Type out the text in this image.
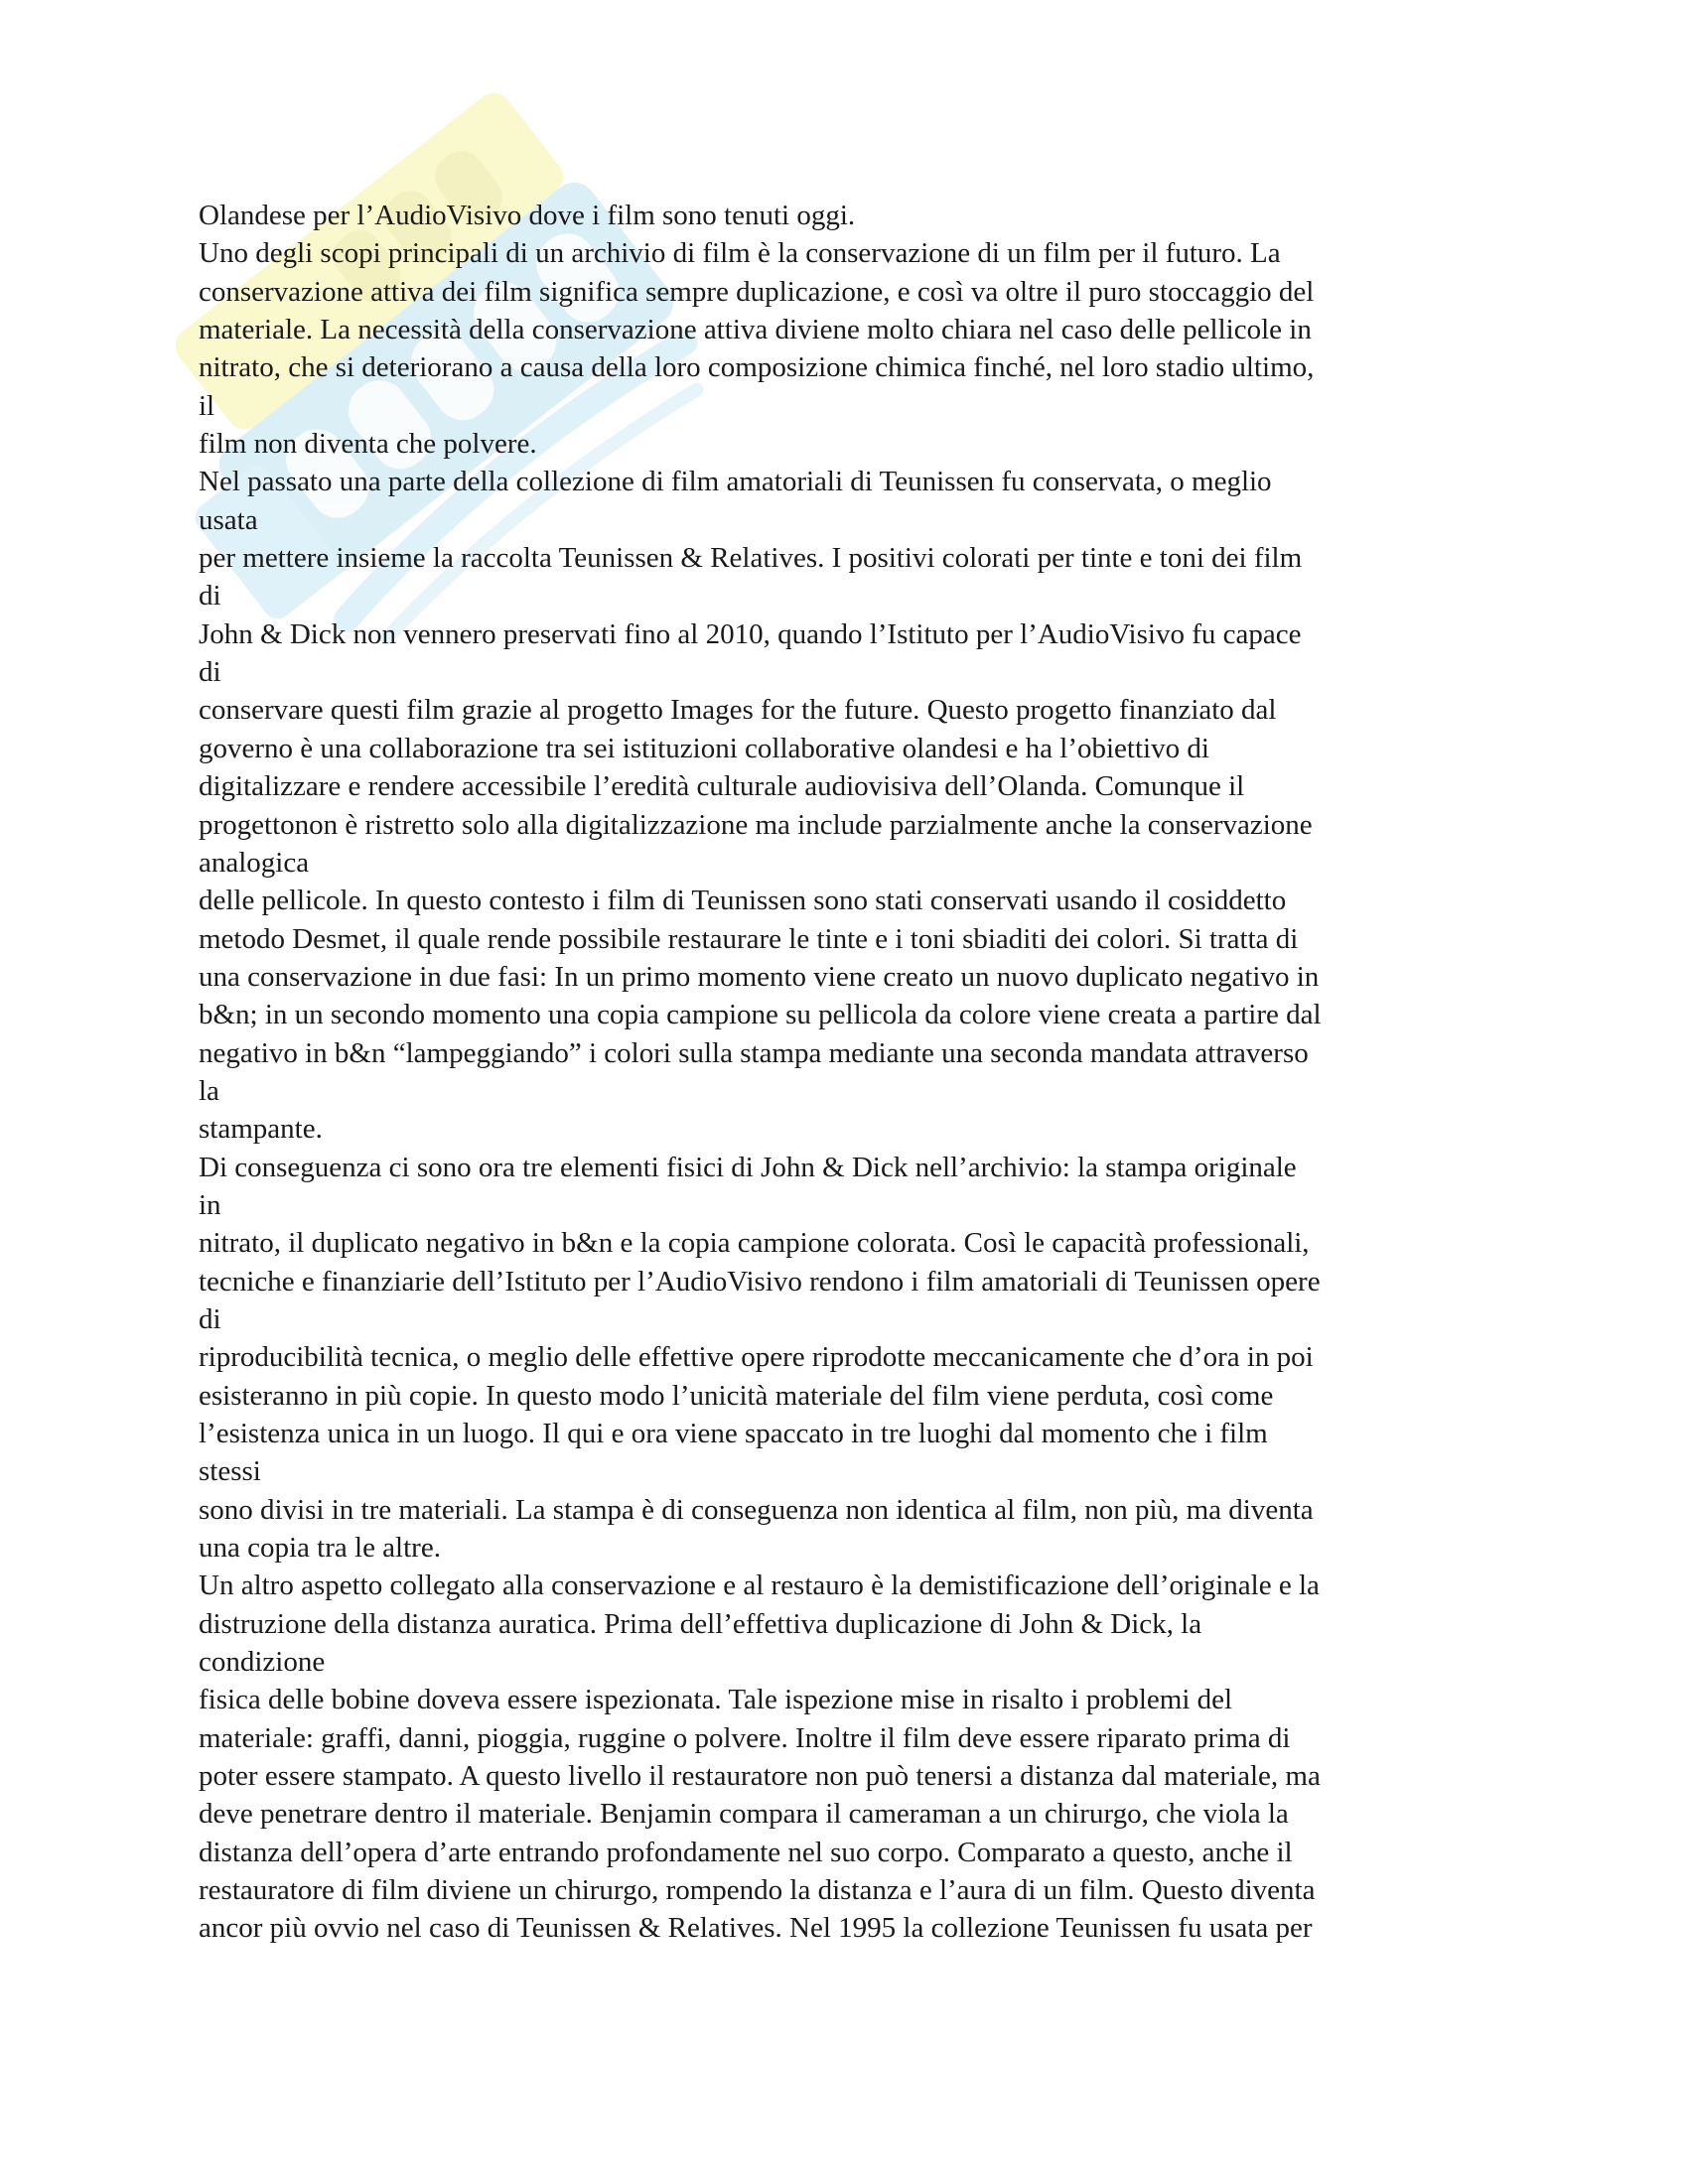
Olandese per l’AudioVisivo dove i film sono tenuti oggi.
Uno degli scopi principali di un archivio di film è la conservazione di un film per il futuro. La
conservazione attiva dei film significa sempre duplicazione, e così va oltre il puro stoccaggio del
materiale. La necessità della conservazione attiva diviene molto chiara nel caso delle pellicole in
nitrato, che si deteriorano a causa della loro composizione chimica finché, nel loro stadio ultimo,
il
film non diventa che polvere.
Nel passato una parte della collezione di film amatoriali di Teunissen fu conservata, o meglio
usata
per mettere insieme la raccolta Teunissen & Relatives. I positivi colorati per tinte e toni dei film
di
John & Dick non vennero preservati fino al 2010, quando l’Istituto per l’AudioVisivo fu capace
di
conservare questi film grazie al progetto Images for the future. Questo progetto finanziato dal
governo è una collaborazione tra sei istituzioni collaborative olandesi e ha l’obiettivo di
digitalizzare e rendere accessibile l’eredità culturale audiovisiva dell’Olanda. Comunque il
progettonon è ristretto solo alla digitalizzazione ma include parzialmente anche la conservazione
analogica
delle pellicole. In questo contesto i film di Teunissen sono stati conservati usando il cosiddetto
metodo Desmet, il quale rende possibile restaurare le tinte e i toni sbiaditi dei colori. Si tratta di
una conservazione in due fasi: In un primo momento viene creato un nuovo duplicato negativo in
b&n; in un secondo momento una copia campione su pellicola da colore viene creata a partire dal
negativo in b&n “lampeggiando” i colori sulla stampa mediante una seconda mandata attraverso
la
stampante.
Di conseguenza ci sono ora tre elementi fisici di John & Dick nell’archivio: la stampa originale
in
nitrato, il duplicato negativo in b&n e la copia campione colorata. Così le capacità professionali,
tecniche e finanziarie dell’Istituto per l’AudioVisivo rendono i film amatoriali di Teunissen opere
di
riproducibilità tecnica, o meglio delle effettive opere riprodotte meccanicamente che d’ora in poi
esisteranno in più copie. In questo modo l’unicità materiale del film viene perduta, così come
l’esistenza unica in un luogo. Il qui e ora viene spaccato in tre luoghi dal momento che i film
stessi
sono divisi in tre materiali. La stampa è di conseguenza non identica al film, non più, ma diventa
una copia tra le altre.
Un altro aspetto collegato alla conservazione e al restauro è la demistificazione dell’originale e la
distruzione della distanza auratica. Prima dell’effettiva duplicazione di John & Dick, la
condizione
fisica delle bobine doveva essere ispezionata. Tale ispezione mise in risalto i problemi del
materiale: graffi, danni, pioggia, ruggine o polvere. Inoltre il film deve essere riparato prima di
poter essere stampato. A questo livello il restauratore non può tenersi a distanza dal materiale, ma
deve penetrare dentro il materiale. Benjamin compara il cameraman a un chirurgo, che viola la
distanza dell’opera d’arte entrando profondamente nel suo corpo. Comparato a questo, anche il
restauratore di film diviene un chirurgo, rompendo la distanza e l’aura di un film. Questo diventa
ancor più ovvio nel caso di Teunissen & Relatives. Nel 1995 la collezione Teunissen fu usata per
